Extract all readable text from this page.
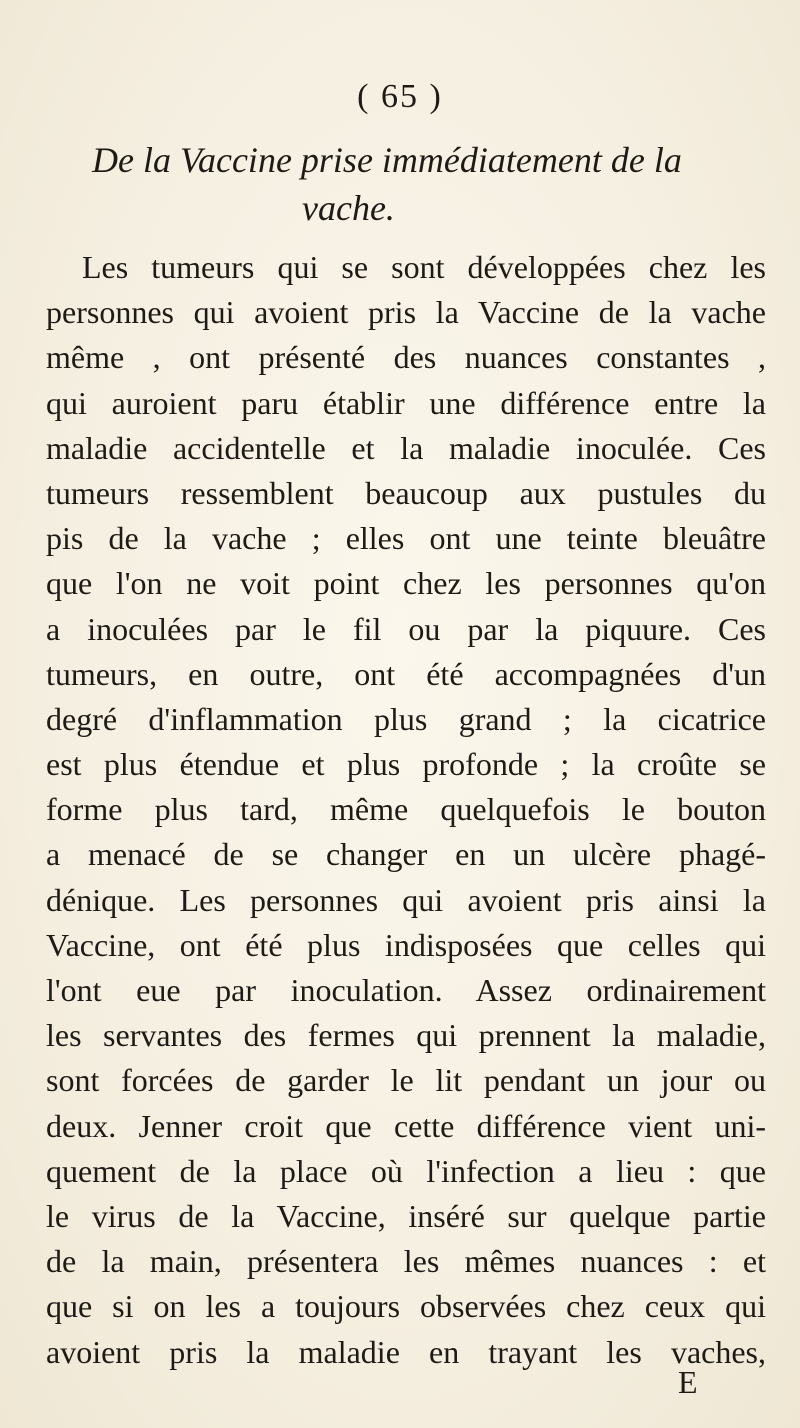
( 65 )
De la Vaccine prise immédiatement de la
vache.
Les tumeurs qui se sont développées chez les
personnes qui avoient pris la Vaccine de la vache
même , ont présenté des nuances constantes ,
qui auroient paru établir une différence entre la
maladie accidentelle et la maladie inoculée. Ces
tumeurs ressemblent beaucoup aux pustules du
pis de la vache ; elles ont une teinte bleuâtre
que l'on ne voit point chez les personnes qu'on
a inoculées par le fil ou par la piquure. Ces
tumeurs, en outre, ont été accompagnées d'un
degré d'inflammation plus grand ; la cicatrice
est plus étendue et plus profonde ; la croûte se
forme plus tard, même quelquefois le bouton
a menacé de se changer en un ulcère phagé-
dénique. Les personnes qui avoient pris ainsi la
Vaccine, ont été plus indisposées que celles qui
l'ont eue par inoculation. Assez ordinairement
les servantes des fermes qui prennent la maladie,
sont forcées de garder le lit pendant un jour ou
deux. Jenner croit que cette différence vient uni-
quement de la place où l'infection a lieu : que
le virus de la Vaccine, inséré sur quelque partie
de la main, présentera les mêmes nuances : et
que si on les a toujours observées chez ceux qui
avoient pris la maladie en trayant les vaches,
E
